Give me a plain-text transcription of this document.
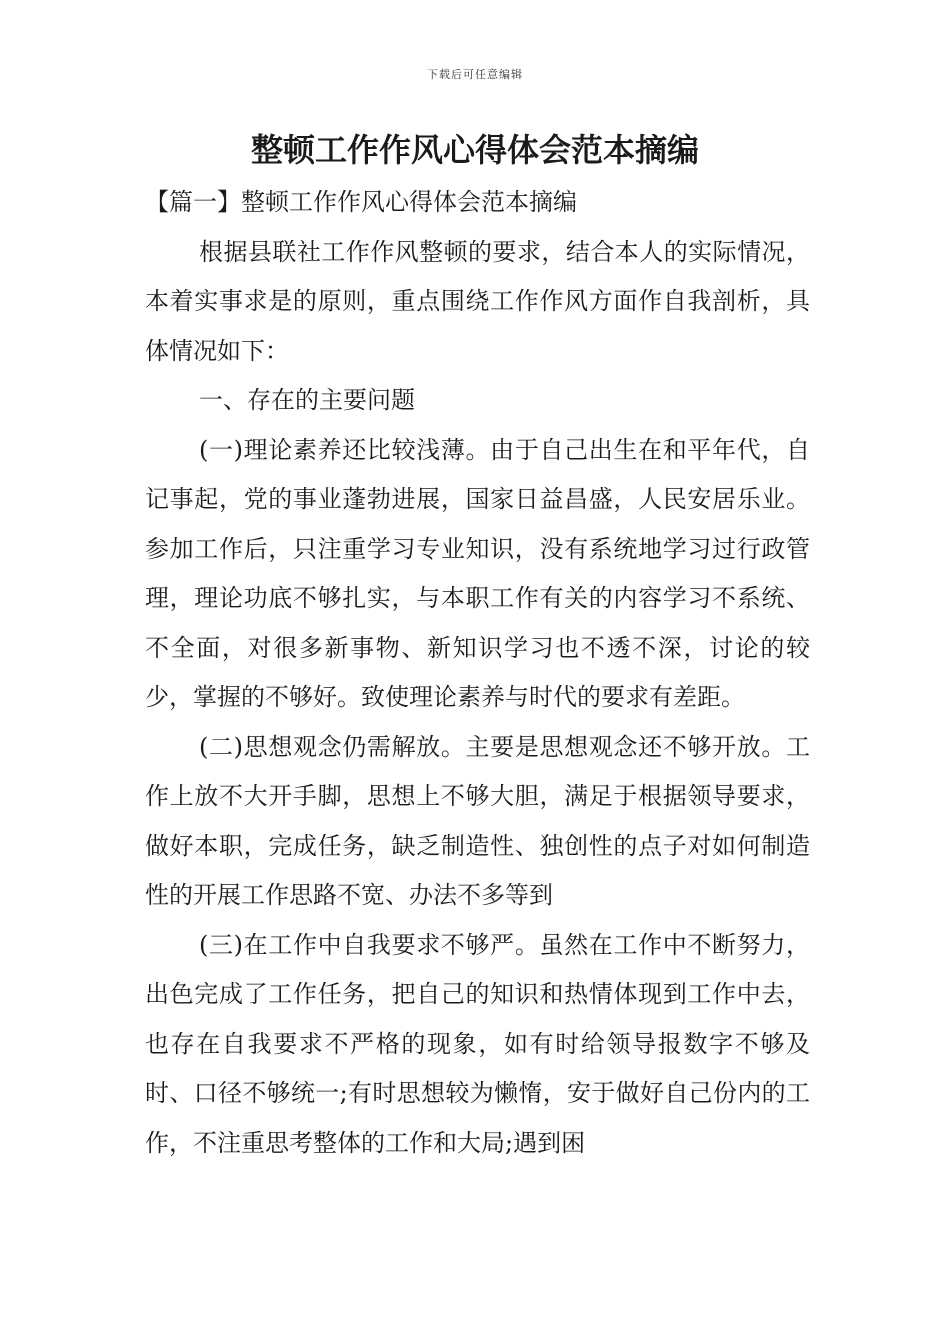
下载后可任意编辑
整顿工作作风心得体会范本摘编

【篇一】整顿工作作风心得体会范本摘编

根据县联社工作作风整顿的要求，结合本人的实际情况，本着实事求是的原则，重点围绕工作作风方面作自我剖析，具体情况如下：

一、存在的主要问题

(一)理论素养还比较浅薄。由于自己出生在和平年代，自记事起，党的事业蓬勃进展，国家日益昌盛，人民安居乐业。参加工作后，只注重学习专业知识，没有系统地学习过行政管理，理论功底不够扎实，与本职工作有关的内容学习不系统、不全面，对很多新事物、新知识学习也不透不深，讨论的较少，掌握的不够好。致使理论素养与时代的要求有差距。

(二)思想观念仍需解放。主要是思想观念还不够开放。工作上放不大开手脚，思想上不够大胆，满足于根据领导要求，做好本职，完成任务，缺乏制造性、独创性的点子对如何制造性的开展工作思路不宽、办法不多等到

(三)在工作中自我要求不够严。虽然在工作中不断努力，出色完成了工作任务，把自己的知识和热情体现到工作中去，也存在自我要求不严格的现象，如有时给领导报数字不够及时、口径不够统一;有时思想较为懒惰，安于做好自己份内的工作，不注重思考整体的工作和大局;遇到困
